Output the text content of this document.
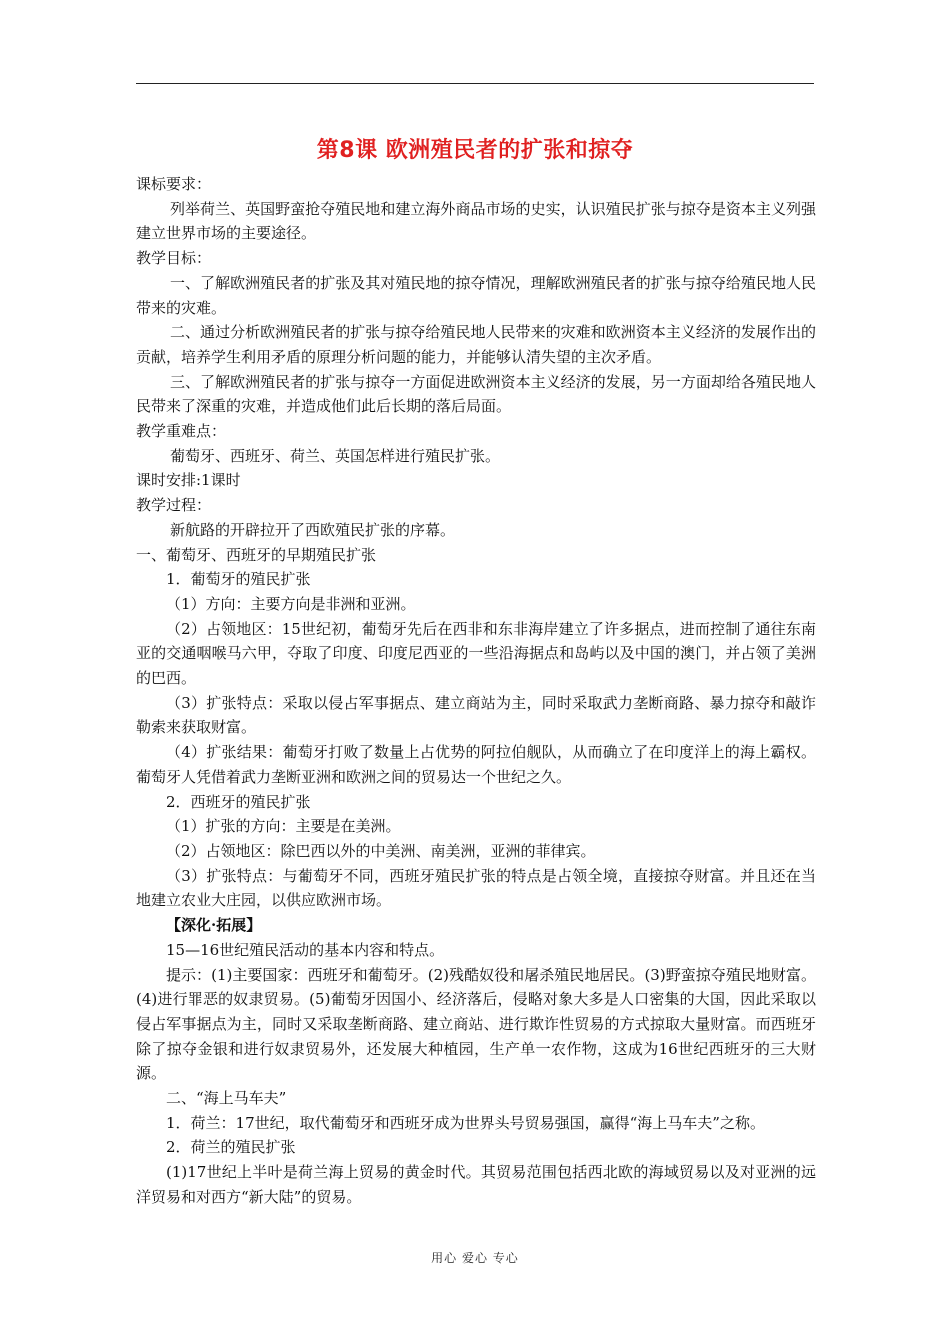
第8课 欧洲殖民者的扩张和掠夺

课标要求：

列举荷兰、英国野蛮抢夺殖民地和建立海外商品市场的史实，认识殖民扩张与掠夺是资本主义列强建立世界市场的主要途径。

教学目标：

一、了解欧洲殖民者的扩张及其对殖民地的掠夺情况，理解欧洲殖民者的扩张与掠夺给殖民地人民带来的灾难。

二、通过分析欧洲殖民者的扩张与掠夺给殖民地人民带来的灾难和欧洲资本主义经济的发展作出的贡献，培养学生利用矛盾的原理分析问题的能力，并能够认清失望的主次矛盾。

三、了解欧洲殖民者的扩张与掠夺一方面促进欧洲资本主义经济的发展，另一方面却给各殖民地人民带来了深重的灾难，并造成他们此后长期的落后局面。

教学重难点：

葡萄牙、西班牙、荷兰、英国怎样进行殖民扩张。

课时安排:1课时

教学过程：

新航路的开辟拉开了西欧殖民扩张的序幕。

一、葡萄牙、西班牙的早期殖民扩张

1．葡萄牙的殖民扩张

（1）方向：主要方向是非洲和亚洲。

（2）占领地区：15世纪初，葡萄牙先后在西非和东非海岸建立了许多据点，进而控制了通往东南亚的交通咽喉马六甲，夺取了印度、印度尼西亚的一些沿海据点和岛屿以及中国的澳门，并占领了美洲的巴西。

（3）扩张特点：采取以侵占军事据点、建立商站为主，同时采取武力垄断商路、暴力掠夺和敲诈勒索来获取财富。

（4）扩张结果：葡萄牙打败了数量上占优势的阿拉伯舰队，从而确立了在印度洋上的海上霸权。葡萄牙人凭借着武力垄断亚洲和欧洲之间的贸易达一个世纪之久。

2．西班牙的殖民扩张

（1）扩张的方向：主要是在美洲。

（2）占领地区：除巴西以外的中美洲、南美洲，亚洲的菲律宾。

（3）扩张特点：与葡萄牙不同，西班牙殖民扩张的特点是占领全境，直接掠夺财富。并且还在当地建立农业大庄园，以供应欧洲市场。

【深化·拓展】

15—16世纪殖民活动的基本内容和特点。

提示：(1)主要国家：西班牙和葡萄牙。(2)残酷奴役和屠杀殖民地居民。(3)野蛮掠夺殖民地财富。(4)进行罪恶的奴隶贸易。(5)葡萄牙因国小、经济落后，侵略对象大多是人口密集的大国，因此采取以侵占军事据点为主，同时又采取垄断商路、建立商站、进行欺诈性贸易的方式掠取大量财富。而西班牙除了掠夺金银和进行奴隶贸易外，还发展大种植园，生产单一农作物，这成为16世纪西班牙的三大财源。

二、“海上马车夫”

1．荷兰：17世纪，取代葡萄牙和西班牙成为世界头号贸易强国，赢得“海上马车夫”之称。

2．荷兰的殖民扩张

(1)17世纪上半叶是荷兰海上贸易的黄金时代。其贸易范围包括西北欧的海域贸易以及对亚洲的远洋贸易和对西方“新大陆”的贸易。

用心 爱心 专心
